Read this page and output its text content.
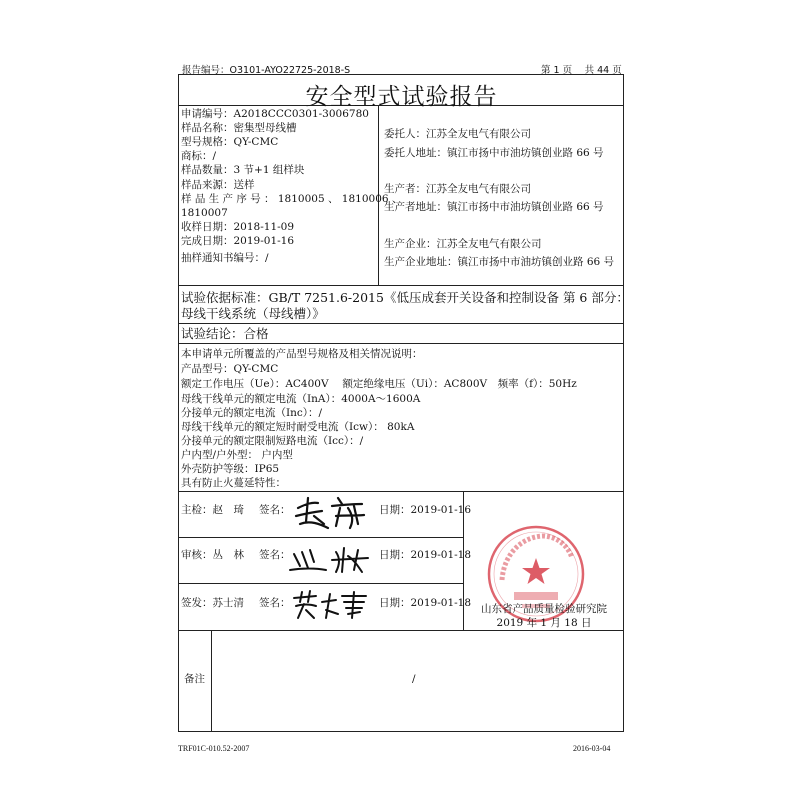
报告编号：O3101-AYO22725-2018-S	第 1 页　 共 44 页
安全型式试验报告
申请编号：A2018CCC0301-3006780
样品名称：密集型母线槽
型号规格：QY-CMC
商标：/
样品数量：3 节+1 组样块
样品来源：送样
样 品 生 产 序 号 ： 1810005 、 1810006 、
1810007
收样日期：2018-11-09
完成日期：2019-01-16
抽样通知书编号：/
委托人：江苏全友电气有限公司
委托人地址：镇江市扬中市油坊镇创业路 66 号
生产者：江苏全友电气有限公司
生产者地址：镇江市扬中市油坊镇创业路 66 号
生产企业：江苏全友电气有限公司
生产企业地址：镇江市扬中市油坊镇创业路 66 号
试验依据标准：GB/T 7251.6-2015《低压成套开关设备和控制设备 第 6 部分：
母线干线系统（母线槽）》
试验结论：合格
本申请单元所覆盖的产品型号规格及相关情况说明：
产品型号：QY-CMC
额定工作电压（Ue）：AC400V　 额定绝缘电压（Ui）：AC800V　频率（f）：50Hz
母线干线单元的额定电流（InA）：4000A～1600A
分接单元的额定电流（Inc）：/
母线干线单元的额定短时耐受电流（Icw）： 80kA
分接单元的额定限制短路电流（Icc）：/
户内型/户外型： 户内型
外壳防护等级：IP65
具有防止火蔓延特性：
主检：赵　琦 签名：	日期：2019-01-16
审核：丛　林 签名：	日期：2019-01-18
签发：苏士清 签名：	日期：2019-01-18 山东省产品质量检验研究院
2019 年 1 月 18 日
备注	/
TRF01C-010.52-2007	2016-03-04
